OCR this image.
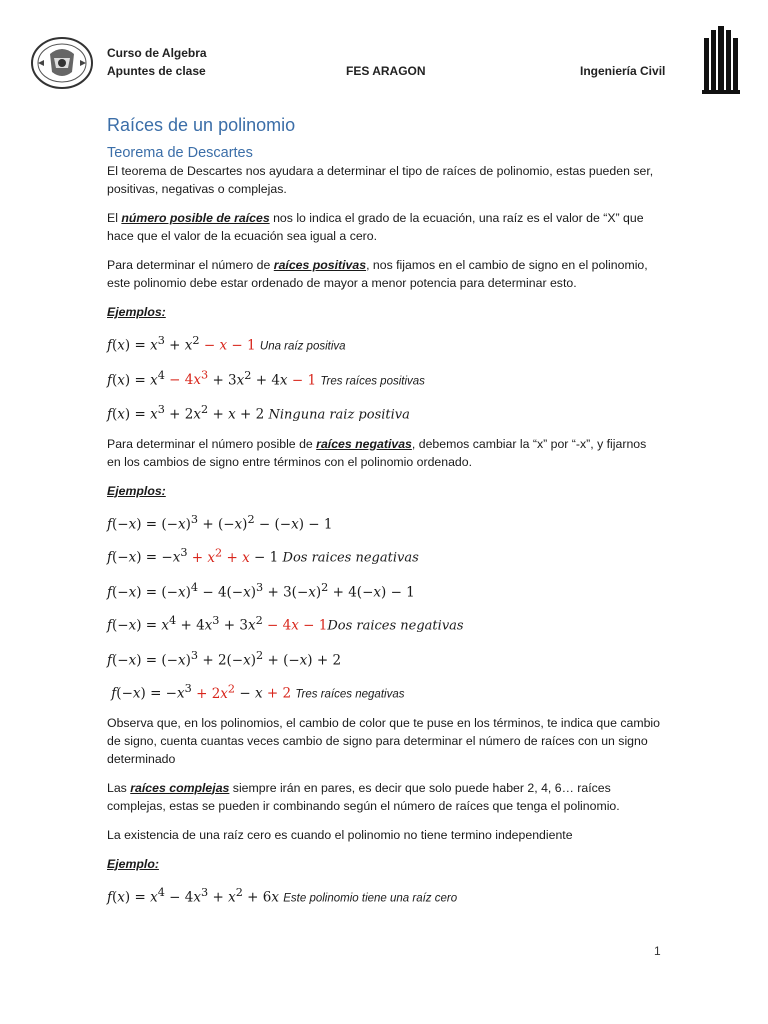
Curso de Algebra
Apuntes de clase	FES ARAGON	Ingeniería Civil
Raíces de un polinomio
Teorema de Descartes

El teorema de Descartes nos ayudara a determinar el tipo de raíces de polinomio, estas pueden ser, positivas, negativas o complejas.

El número posible de raíces nos lo indica el grado de la ecuación, una raíz es el valor de “X” que hace que el valor de la ecuación sea igual a cero.

Para determinar el número de raíces positivas, nos fijamos en el cambio de signo en el polinomio, este polinomio debe estar ordenado de mayor a menor potencia para determinar esto.

Ejemplos:
$f(x) = x^3 + x^2 - x - 1$ Una raíz positiva
$f(x) = x^4 - 4x^3 + 3x^2 + 4x - 1$ Tres raíces positivas
$f(x) = x^3 + 2x^2 + x + 2$ Ninguna raiz positiva

Para determinar el número posible de raíces negativas, debemos cambiar la “x” por “-x”, y fijarnos en los cambios de signo entre términos con el polinomio ordenado.

Ejemplos:
$f(-x) = (-x)^3 + (-x)^2 - (-x) - 1$
$f(-x) = -x^3 + x^2 + x - 1$ Dos raices negativas
$f(-x) = (-x)^4 - 4(-x)^3 + 3(-x)^2 + 4(-x) - 1$
$f(-x) = x^4 + 4x^3 + 3x^2 - 4x - 1Dos$ raices negativas
$f(-x) = (-x)^3 + 2(-x)^2 + (-x) + 2$
$f(-x) = -x^3 + 2x^2 - x + 2$ Tres raíces negativas

Observa que, en los polinomios, el cambio de color que te puse en los términos, te indica que cambio de signo, cuenta cuantas veces cambio de signo para determinar el número de raíces con un signo determinado

Las raíces complejas siempre irán en pares, es decir que solo puede haber 2, 4, 6… raíces complejas, estas se pueden ir combinando según el número de raíces que tenga el polinomio.

La existencia de una raíz cero es cuando el polinomio no tiene termino independiente

Ejemplo:
$f(x) = x^4 - 4x^3 + x^2 + 6x$ Este polinomio tiene una raíz cero
1
